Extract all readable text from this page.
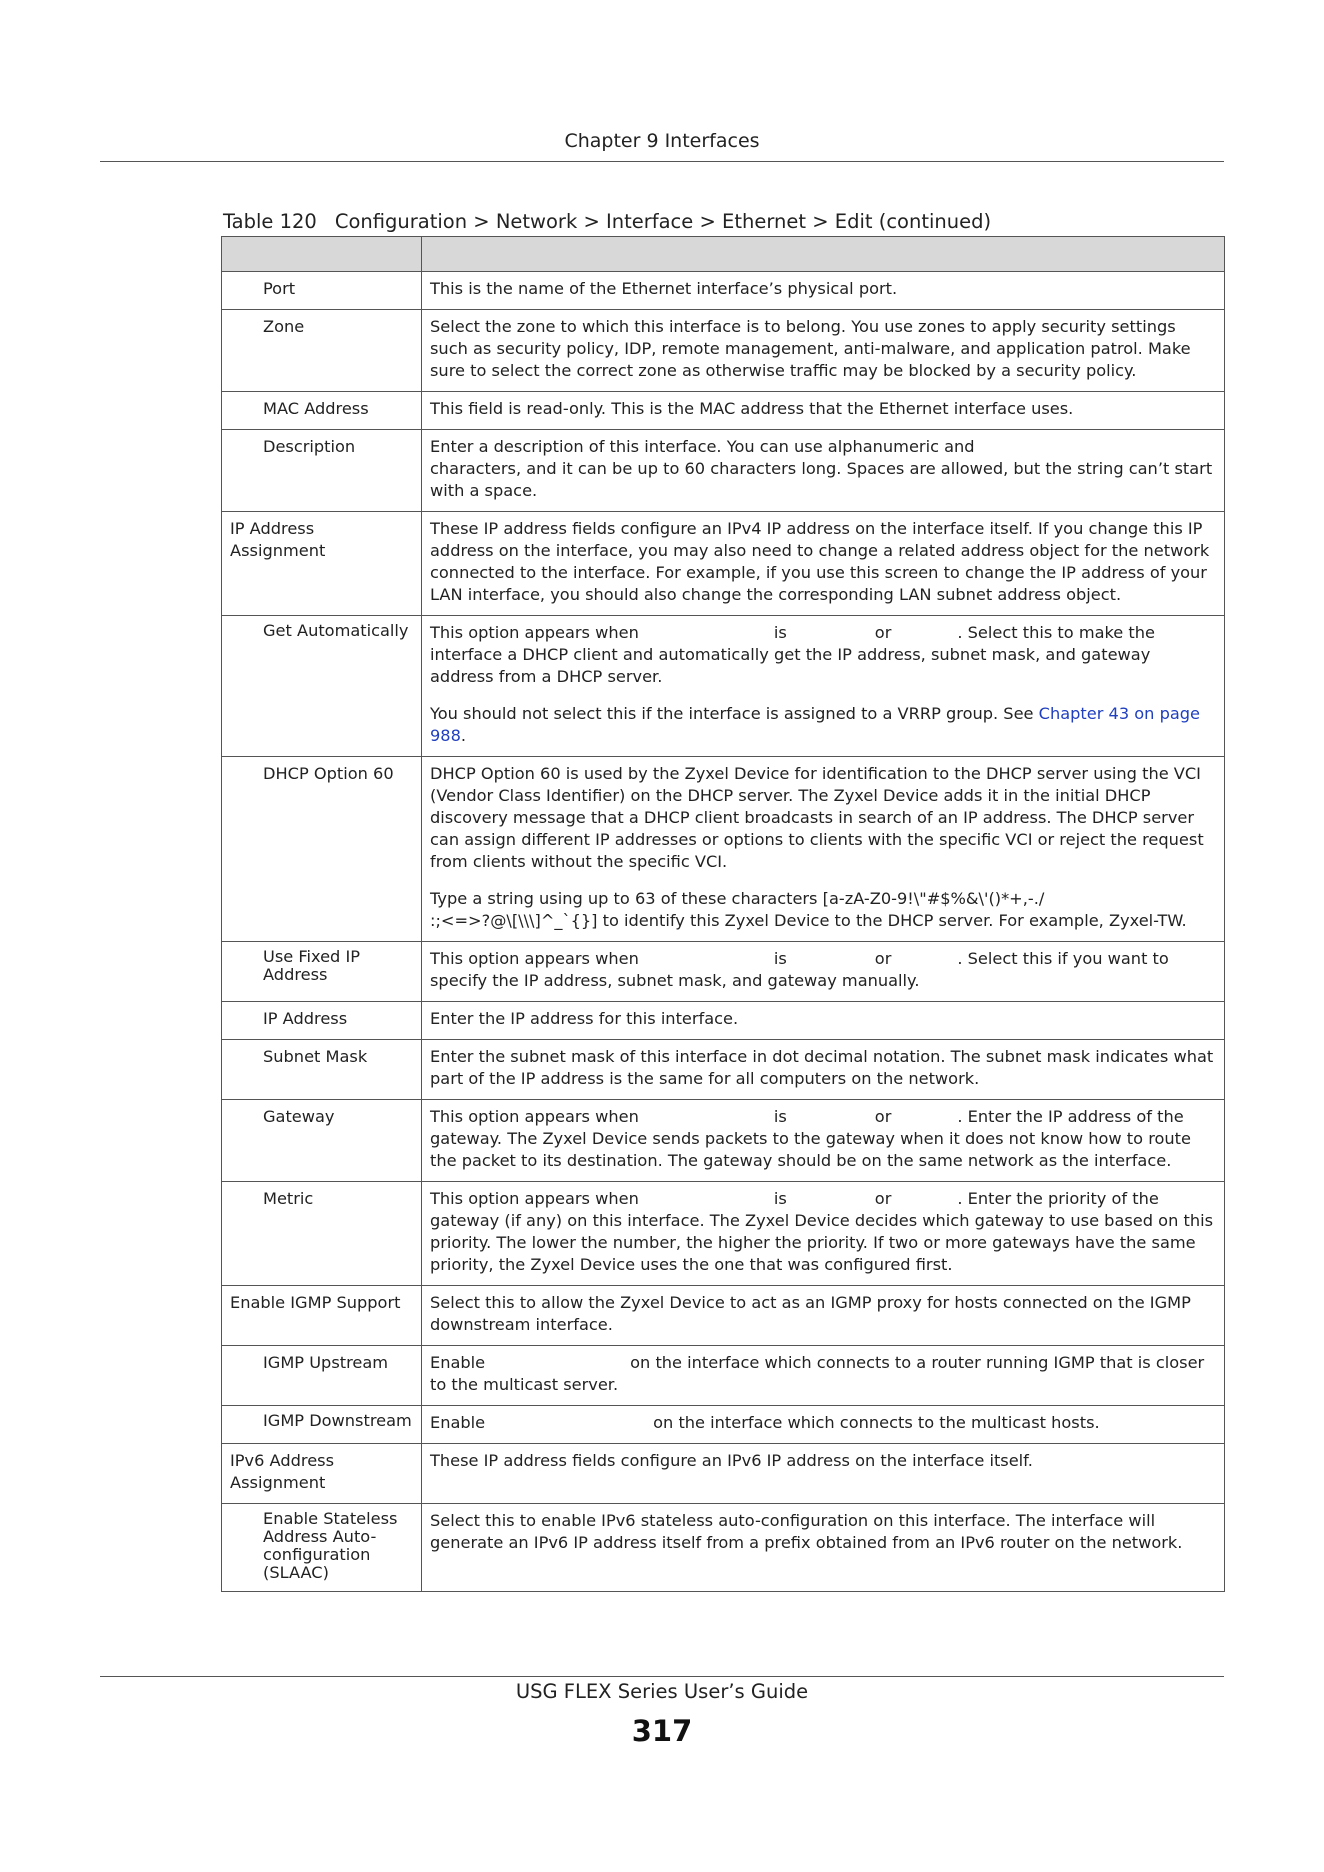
Chapter 9 Interfaces
Table 120 Configuration > Network > Interface > Ethernet > Edit (continued)

Port	This is the name of the Ethernet interface’s physical port.

Zone	Select the zone to which this interface is to belong. You use zones to apply security settings such as security policy, IDP, remote management, anti-malware, and application patrol. Make sure to select the correct zone as otherwise traffic may be blocked by a security policy.

MAC Address	This field is read-only. This is the MAC address that the Ethernet interface uses.

Description	Enter a description of this interface. You can use alphanumeric and
characters, and it can be up to 60 characters long. Spaces are allowed, but the string can’t start with a space.

IP Address Assignment	These IP address fields configure an IPv4 IP address on the interface itself. If you change this IP address on the interface, you may also need to change a related address object for the network connected to the interface. For example, if you use this screen to change the IP address of your LAN interface, you should also change the corresponding LAN subnet address object.

Get Automatically	This option appears when is or . Select this to make the interface a DHCP client and automatically get the IP address, subnet mask, and gateway address from a DHCP server.

You should not select this if the interface is assigned to a VRRP group. See Chapter 43 on page 988.

DHCP Option 60	DHCP Option 60 is used by the Zyxel Device for identification to the DHCP server using the VCI (Vendor Class Identifier) on the DHCP server. The Zyxel Device adds it in the initial DHCP discovery message that a DHCP client broadcasts in search of an IP address. The DHCP server can assign different IP addresses or options to clients with the specific VCI or reject the request from clients without the specific VCI.

Type a string using up to 63 of these characters [a-zA-Z0-9!\"#$%&\'()*+,-./
:;<=>?@\[\\\]^_`{}] to identify this Zyxel Device to the DHCP server. For example, Zyxel-TW.

Use Fixed IP Address	This option appears when is or . Select this if you want to specify the IP address, subnet mask, and gateway manually.

IP Address	Enter the IP address for this interface.

Subnet Mask	Enter the subnet mask of this interface in dot decimal notation. The subnet mask indicates what part of the IP address is the same for all computers on the network.

Gateway	This option appears when is or . Enter the IP address of the gateway. The Zyxel Device sends packets to the gateway when it does not know how to route the packet to its destination. The gateway should be on the same network as the interface.

Metric	This option appears when is or . Enter the priority of the gateway (if any) on this interface. The Zyxel Device decides which gateway to use based on this priority. The lower the number, the higher the priority. If two or more gateways have the same priority, the Zyxel Device uses the one that was configured first.

Enable IGMP Support	Select this to allow the Zyxel Device to act as an IGMP proxy for hosts connected on the IGMP downstream interface.

IGMP Upstream	Enable on the interface which connects to a router running IGMP that is closer to the multicast server.

IGMP Downstream	Enable on the interface which connects to the multicast hosts.

IPv6 Address Assignment	These IP address fields configure an IPv6 IP address on the interface itself.

Enable Stateless Address Auto-configuration (SLAAC)	Select this to enable IPv6 stateless auto-configuration on this interface. The interface will generate an IPv6 IP address itself from a prefix obtained from an IPv6 router on the network.

USG FLEX Series User’s Guide
317
